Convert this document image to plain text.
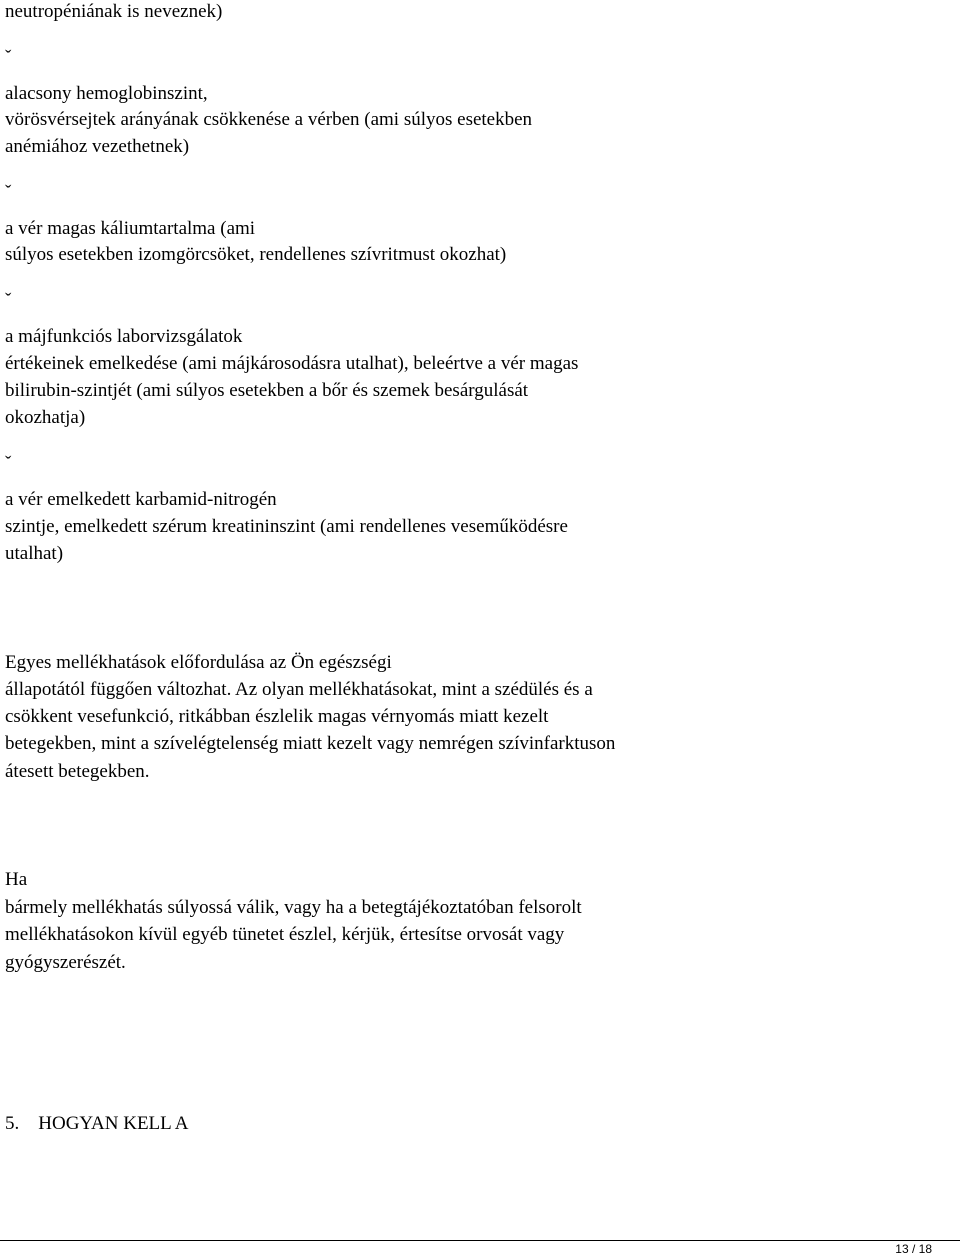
neutropéniának is neveznek)
ˇ
alacsony hemoglobinszint,
vörösvérsejtek arányának csökkenése a vérben (ami súlyos esetekben
anémiához vezethetnek)
ˇ
a vér magas káliumtartalma (ami
súlyos esetekben izomgörcsöket, rendellenes szívritmust okozhat)
ˇ
a májfunkciós laborvizsgálatok
értékeinek emelkedése (ami májkárosodásra utalhat), beleértve a vér magas
bilirubin-szintjét (ami súlyos esetekben a bőr és szemek besárgulását
okozhatja)
ˇ
a vér emelkedett karbamid-nitrogén
szintje, emelkedett szérum kreatininszint (ami rendellenes veseműködésre
utalhat)
Egyes mellékhatások előfordulása az Ön egészségi
állapotától függően változhat. Az olyan mellékhatásokat, mint a szédülés és a
csökkent vesefunkció, ritkábban észlelik magas vérnyomás miatt kezelt
betegekben, mint a szívelégtelenség miatt kezelt vagy nemrégen szívinfarktuson
átesett betegekben.
Ha
bármely mellékhatás súlyossá válik, vagy ha a betegtájékoztatóban felsorolt
mellékhatásokon kívül egyéb tünetet észlel, kérjük, értesítse orvosát vagy
gyógyszerészét.
5.    HOGYAN KELL A
13 / 18
